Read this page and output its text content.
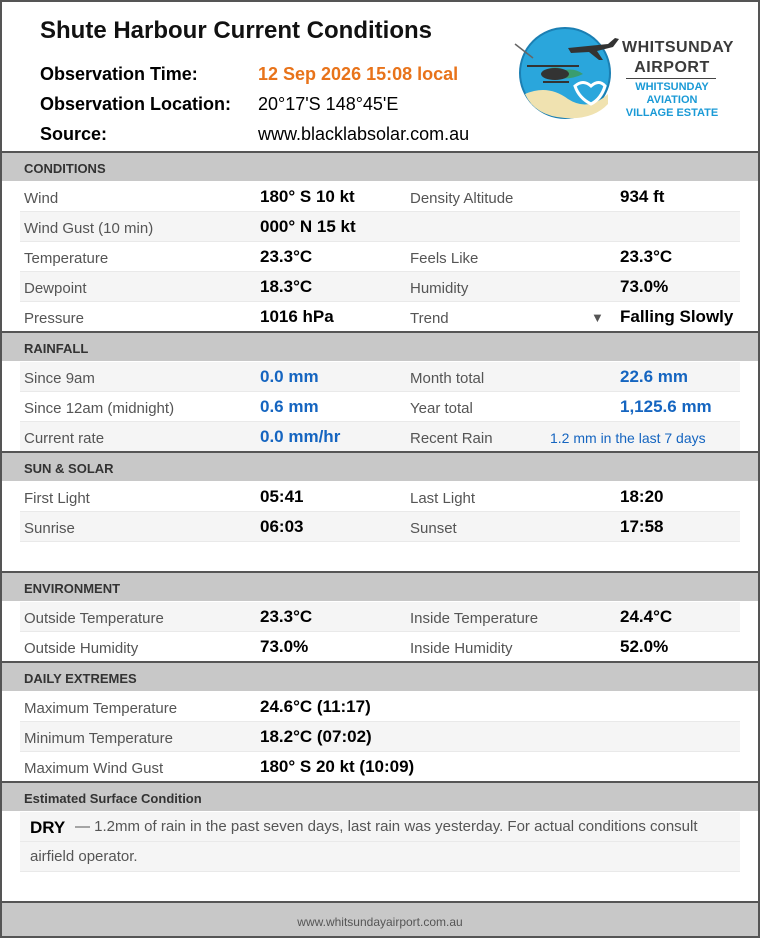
Shute Harbour Current Conditions
Observation Time:	12 Sep 2026 15:08 local
Observation Location: 20°17'S 148°45'E
Source:	www.blacklabsolar.com.au
WHITSUNDAY
AIRPORT
WHITSUNDAY AVIATION
VILLAGE ESTATE
CONDITIONS
Wind	180° S 10 kt	Density Altitude	934 ft
Wind Gust (10 min)	000° N 15 kt
Temperature	23.3°C	Feels Like	23.3°C
Dewpoint	18.3°C	Humidity	73.0%
Pressure	1016 hPa	Trend	▼ Falling Slowly
RAINFALL
Since 9am	0.0 mm	Month total	22.6 mm
Since 12am (midnight)	0.6 mm	Year total	1,125.6 mm
Current rate	0.0 mm/hr	Recent Rain	1.2 mm in the last 7 days
SUN & SOLAR
First Light	05:41	Last Light	18:20
Sunrise	06:03	Sunset	17:58
ENVIRONMENT
Outside Temperature	23.3°C	Inside Temperature	24.4°C
Outside Humidity	73.0%	Inside Humidity	52.0%
DAILY EXTREMES
Maximum Temperature	24.6°C (11:17)
Minimum Temperature	18.2°C (07:02)
Maximum Wind Gust	180° S 20 kt (10:09)
Estimated Surface Condition
DRY — 1.2mm of rain in the past seven days, last rain was yesterday. For actual conditions consult
airfield operator.
www.whitsundayairport.com.au
